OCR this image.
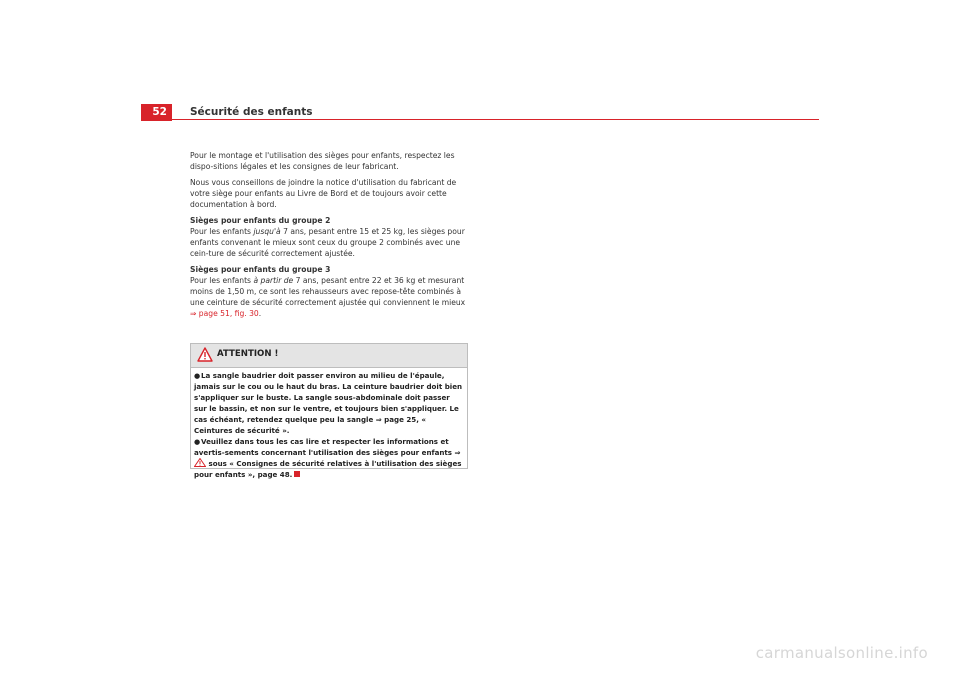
52	Sécurité des enfants

Pour le montage et l'utilisation des sièges pour enfants, respectez les dispo-sitions légales et les consignes de leur fabricant.

Nous vous conseillons de joindre la notice d'utilisation du fabricant de votre siège pour enfants au Livre de Bord et de toujours avoir cette documentation à bord.

Sièges pour enfants du groupe 2

Pour les enfants jusqu'à 7 ans, pesant entre 15 et 25 kg, les sièges pour enfants convenant le mieux sont ceux du groupe 2 combinés avec une cein-ture de sécurité correctement ajustée.

Sièges pour enfants du groupe 3

Pour les enfants à partir de 7 ans, pesant entre 22 et 36 kg et mesurant moins de 1,50 m, ce sont les rehausseurs avec repose-tête combinés à une ceinture de sécurité correctement ajustée qui conviennent le mieux ⇒ page 51, fig. 30.

ATTENTION !

●La sangle baudrier doit passer environ au milieu de l'épaule, jamais sur le cou ou le haut du bras. La ceinture baudrier doit bien s'appliquer sur le buste. La sangle sous-abdominale doit passer sur le bassin, et non sur le ventre, et toujours bien s'appliquer. Le cas échéant, retendez quelque peu la sangle ⇒ page 25, « Ceintures de sécurité ».

●Veuillez dans tous les cas lire et respecter les informations et avertis-sements concernant l'utilisation des sièges pour enfants ⇒  sous « Consignes de sécurité relatives à l'utilisation des sièges pour enfants », page 48.

carmanualsonline.info
